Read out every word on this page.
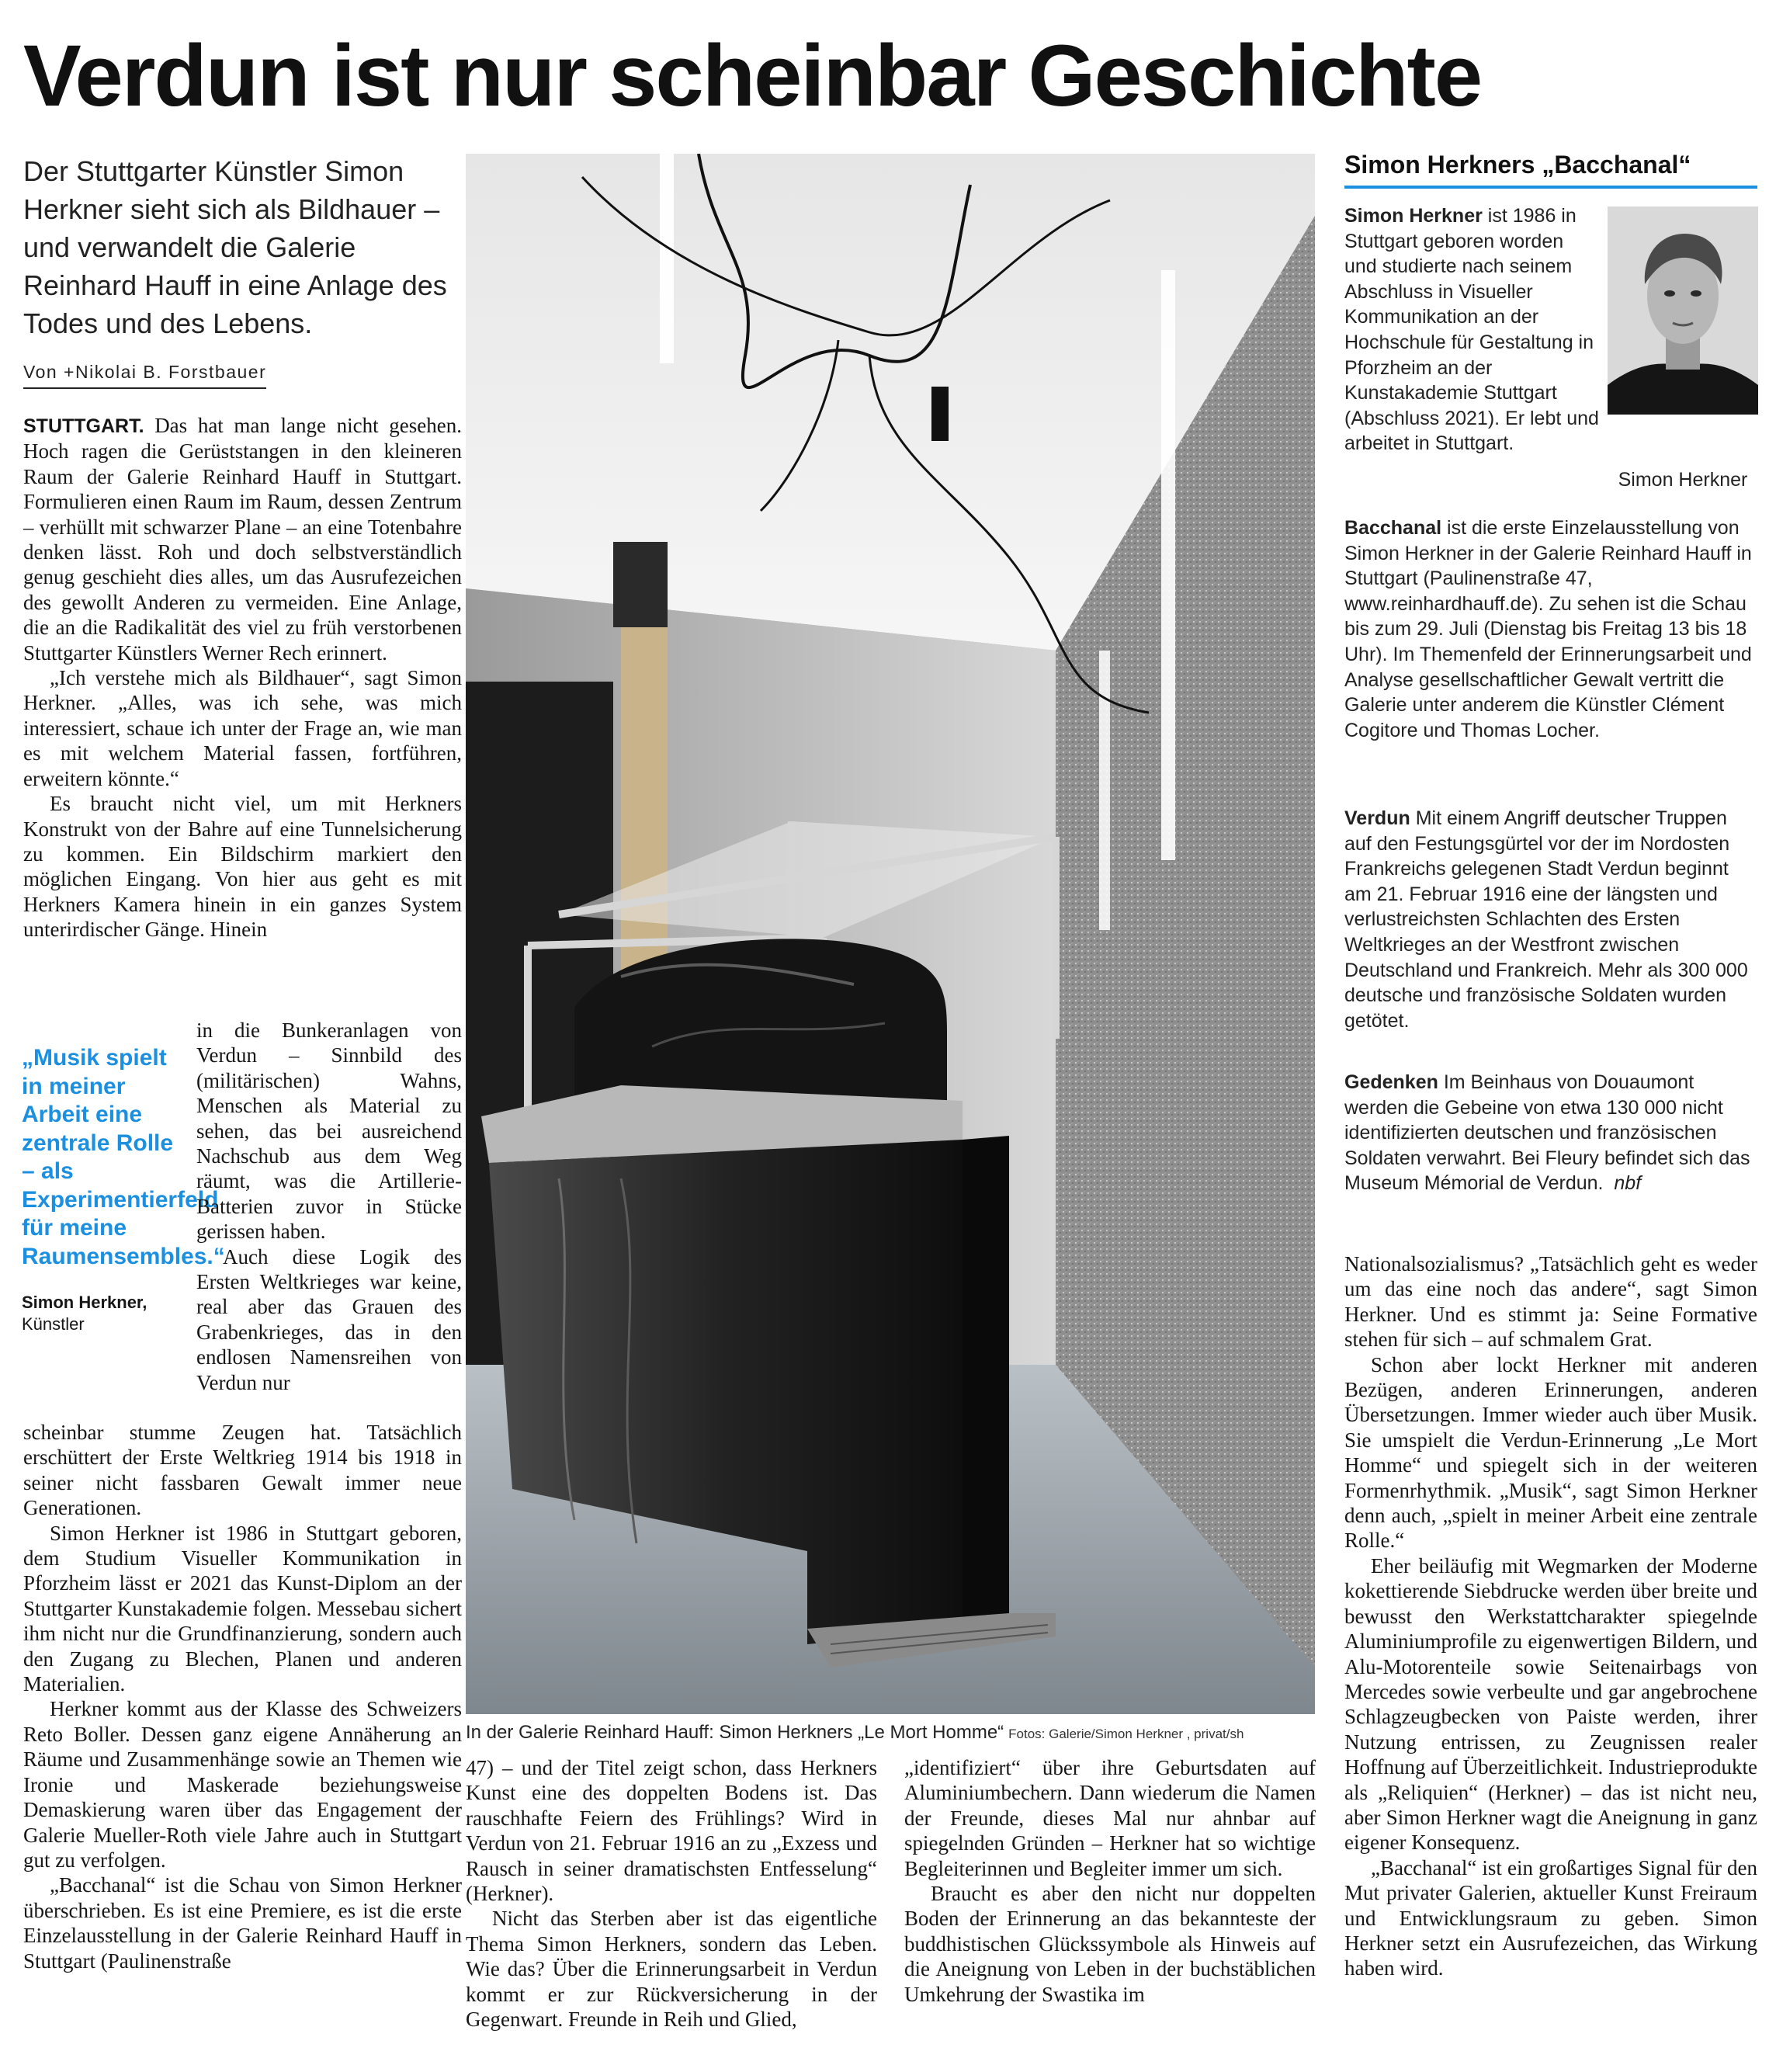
Verdun ist nur scheinbar Geschichte

Der Stuttgarter Künstler Simon Herkner sieht sich als Bildhauer – und verwandelt die Galerie Reinhard Hauff in eine Anlage des Todes und des Lebens.

Von +Nikolai B. Forstbauer

STUTTGART. Das hat man lange nicht gesehen. Hoch ragen die Gerüststangen in den kleineren Raum der Galerie Reinhard Hauff in Stuttgart. Formulieren einen Raum im Raum, dessen Zentrum – verhüllt mit schwarzer Plane – an eine Totenbahre denken lässt. Roh und doch selbstverständlich genug geschieht dies alles, um das Ausrufezeichen des gewollt Anderen zu vermeiden. Eine Anlage, die an die Radikalität des viel zu früh verstorbenen Stuttgarter Künstlers Werner Rech erinnert.

„Ich verstehe mich als Bildhauer“, sagt Simon Herkner. „Alles, was ich sehe, was mich interessiert, schaue ich unter der Frage an, wie man es mit welchem Material fassen, fortführen, erweitern könnte.“

Es braucht nicht viel, um mit Herkners Konstrukt von der Bahre auf eine Tunnelsicherung zu kommen. Ein Bildschirm markiert den möglichen Eingang. Von hier aus geht es mit Herkners Kamera hinein in ein ganzes System unterirdischer Gänge. Hinein

„Musik spielt in meiner Arbeit eine zentrale Rolle – als Experimentierfeld für meine Raumensembles.“

Simon Herkner,
Künstler

in die Bunkeranlagen von Verdun – Sinnbild des (militärischen) Wahns, Menschen als Material zu sehen, das bei ausreichend Nachschub aus dem Weg räumt, was die Artillerie-Batterien zuvor in Stücke gerissen haben.

Auch diese Logik des Ersten Weltkrieges war keine, real aber das Grauen des Grabenkrieges, das in den endlosen Namensreihen von Verdun nur

scheinbar stumme Zeugen hat. Tatsächlich erschüttert der Erste Weltkrieg 1914 bis 1918 in seiner nicht fassbaren Gewalt immer neue Generationen.

Simon Herkner ist 1986 in Stuttgart geboren, dem Studium Visueller Kommunikation in Pforzheim lässt er 2021 das Kunst-Diplom an der Stuttgarter Kunstakademie folgen. Messebau sichert ihm nicht nur die Grundfinanzierung, sondern auch den Zugang zu Blechen, Planen und anderen Materialien.

Herkner kommt aus der Klasse des Schweizers Reto Boller. Dessen ganz eigene Annäherung an Räume und Zusammenhänge sowie an Themen wie Ironie und Maskerade beziehungsweise Demaskierung waren über das Engagement der Galerie Mueller-Roth viele Jahre auch in Stuttgart gut zu verfolgen.

„Bacchanal“ ist die Schau von Simon Herkner überschrieben. Es ist eine Premiere, es ist die erste Einzelausstellung in der Galerie Reinhard Hauff in Stuttgart (Paulinenstraße

In der Galerie Reinhard Hauff: Simon Herkners „Le Mort Homme“ Fotos: Galerie/Simon Herkner , privat/sh

47) – und der Titel zeigt schon, dass Herkners Kunst eine des doppelten Bodens ist. Das rauschhafte Feiern des Frühlings? Wird in Verdun von 21. Februar 1916 an zu „Exzess und Rausch in seiner dramatischsten Entfesselung“ (Herkner).

Nicht das Sterben aber ist das eigentliche Thema Simon Herkners, sondern das Leben. Wie das? Über die Erinnerungsarbeit in Verdun kommt er zur Rückversicherung in der Gegenwart. Freunde in Reih und Glied,

„identifiziert“ über ihre Geburtsdaten auf Aluminiumbechern. Dann wiederum die Namen der Freunde, dieses Mal nur ahnbar auf spiegelnden Gründen – Herkner hat so wichtige Begleiterinnen und Begleiter immer um sich.

Braucht es aber den nicht nur doppelten Boden der Erinnerung an das bekannteste der buddhistischen Glückssymbole als Hinweis auf die Aneignung von Leben in der buchstäblichen Umkehrung der Swastika im

Simon Herkners „Bacchanal“

Simon Herkner ist 1986 in Stuttgart geboren worden und studierte nach seinem Abschluss in Visueller Kommunikation an der Hochschule für Gestaltung in Pforzheim an der Kunstakademie Stuttgart (Abschluss 2021). Er lebt und arbeitet in Stuttgart.

Simon Herkner

Bacchanal ist die erste Einzelausstellung von Simon Herkner in der Galerie Reinhard Hauff in Stuttgart (Paulinenstraße 47, www.reinhardhauff.de). Zu sehen ist die Schau bis zum 29. Juli (Dienstag bis Freitag 13 bis 18 Uhr). Im Themenfeld der Erinnerungsarbeit und Analyse gesellschaftlicher Gewalt vertritt die Galerie unter anderem die Künstler Clément Cogitore und Thomas Locher.

Verdun Mit einem Angriff deutscher Truppen auf den Festungsgürtel vor der im Nordosten Frankreichs gelegenen Stadt Verdun beginnt am 21. Februar 1916 eine der längsten und verlustreichsten Schlachten des Ersten Weltkrieges an der Westfront zwischen Deutschland und Frankreich. Mehr als 300 000 deutsche und französische Soldaten wurden getötet.

Gedenken Im Beinhaus von Douaumont werden die Gebeine von etwa 130 000 nicht identifizierten deutschen und französischen Soldaten verwahrt. Bei Fleury befindet sich das Museum Mémorial de Verdun. nbf

Nationalsozialismus? „Tatsächlich geht es weder um das eine noch das andere“, sagt Simon Herkner. Und es stimmt ja: Seine Formative stehen für sich – auf schmalem Grat.

Schon aber lockt Herkner mit anderen Bezügen, anderen Erinnerungen, anderen Übersetzungen. Immer wieder auch über Musik. Sie umspielt die Verdun-Erinnerung „Le Mort Homme“ und spiegelt sich in der weiteren Formenrhythmik. „Musik“, sagt Simon Herkner denn auch, „spielt in meiner Arbeit eine zentrale Rolle.“

Eher beiläufig mit Wegmarken der Moderne kokettierende Siebdrucke werden über breite und bewusst den Werkstattcharakter spiegelnde Aluminiumprofile zu eigenwertigen Bildern, und Alu-Motorenteile sowie Seitenairbags von Mercedes sowie verbeulte und gar angebrochene Schlagzeugbecken von Paiste werden, ihrer Nutzung entrissen, zu Zeugnissen realer Hoffnung auf Überzeitlichkeit. Industrieprodukte als „Reliquien“ (Herkner) – das ist nicht neu, aber Simon Herkner wagt die Aneignung in ganz eigener Konsequenz.

„Bacchanal“ ist ein großartiges Signal für den Mut privater Galerien, aktueller Kunst Freiraum und Entwicklungsraum zu geben. Simon Herkner setzt ein Ausrufezeichen, das Wirkung haben wird.
